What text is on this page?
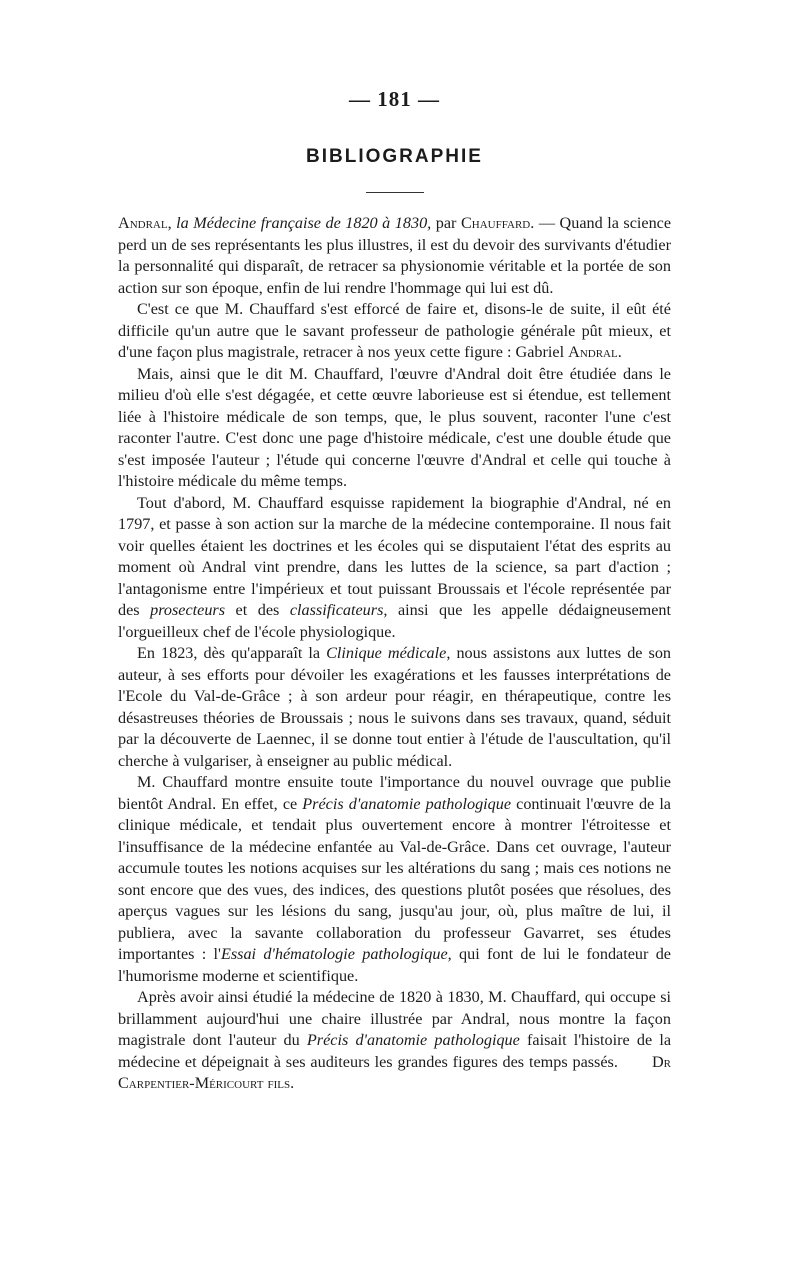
— 181 —
BIBLIOGRAPHIE

Andral, la Médecine française de 1820 à 1830, par Chauffard. — Quand la science perd un de ses représentants les plus illustres, il est du devoir des survivants d'étudier la personnalité qui disparaît, de retracer sa physionomie véritable et la portée de son action sur son époque, enfin de lui rendre l'hommage qui lui est dû.

C'est ce que M. Chauffard s'est efforcé de faire et, disons-le de suite, il eût été difficile qu'un autre que le savant professeur de pathologie générale pût mieux, et d'une façon plus magistrale, retracer à nos yeux cette figure : Gabriel Andral.

Mais, ainsi que le dit M. Chauffard, l'œuvre d'Andral doit être étudiée dans le milieu d'où elle s'est dégagée, et cette œuvre laborieuse est si étendue, est tellement liée à l'histoire médicale de son temps, que, le plus souvent, raconter l'une c'est raconter l'autre. C'est donc une page d'histoire médicale, c'est une double étude que s'est imposée l'auteur ; l'étude qui concerne l'œuvre d'Andral et celle qui touche à l'histoire médicale du même temps.

Tout d'abord, M. Chauffard esquisse rapidement la biographie d'Andral, né en 1797, et passe à son action sur la marche de la médecine contemporaine. Il nous fait voir quelles étaient les doctrines et les écoles qui se disputaient l'état des esprits au moment où Andral vint prendre, dans les luttes de la science, sa part d'action ; l'antagonisme entre l'impérieux et tout puissant Broussais et l'école représentée par des prosecteurs et des classificateurs, ainsi que les appelle dédaigneusement l'orgueilleux chef de l'école physiologique.

En 1823, dès qu'apparaît la Clinique médicale, nous assistons aux luttes de son auteur, à ses efforts pour dévoiler les exagérations et les fausses interprétations de l'Ecole du Val-de-Grâce ; à son ardeur pour réagir, en thérapeutique, contre les désastreuses théories de Broussais ; nous le suivons dans ses travaux, quand, séduit par la découverte de Laennec, il se donne tout entier à l'étude de l'auscultation, qu'il cherche à vulgariser, à enseigner au public médical.

M. Chauffard montre ensuite toute l'importance du nouvel ouvrage que publie bientôt Andral. En effet, ce Précis d'anatomie pathologique continuait l'œuvre de la clinique médicale, et tendait plus ouvertement encore à montrer l'étroitesse et l'insuffisance de la médecine enfantée au Val-de-Grâce. Dans cet ouvrage, l'auteur accumule toutes les notions acquises sur les altérations du sang ; mais ces notions ne sont encore que des vues, des indices, des questions plutôt posées que résolues, des aperçus vagues sur les lésions du sang, jusqu'au jour, où, plus maître de lui, il publiera, avec la savante collaboration du professeur Gavarret, ses études importantes : l'Essai d'hématologie pathologique, qui font de lui le fondateur de l'humorisme moderne et scientifique.

Après avoir ainsi étudié la médecine de 1820 à 1830, M. Chauffard, qui occupe si brillamment aujourd'hui une chaire illustrée par Andral, nous montre la façon magistrale dont l'auteur du Précis d'anatomie pathologique faisait l'histoire de la médecine et dépeignait à ses auditeurs les grandes figures des temps passés. Dr Carpentier-Méricourt fils.
